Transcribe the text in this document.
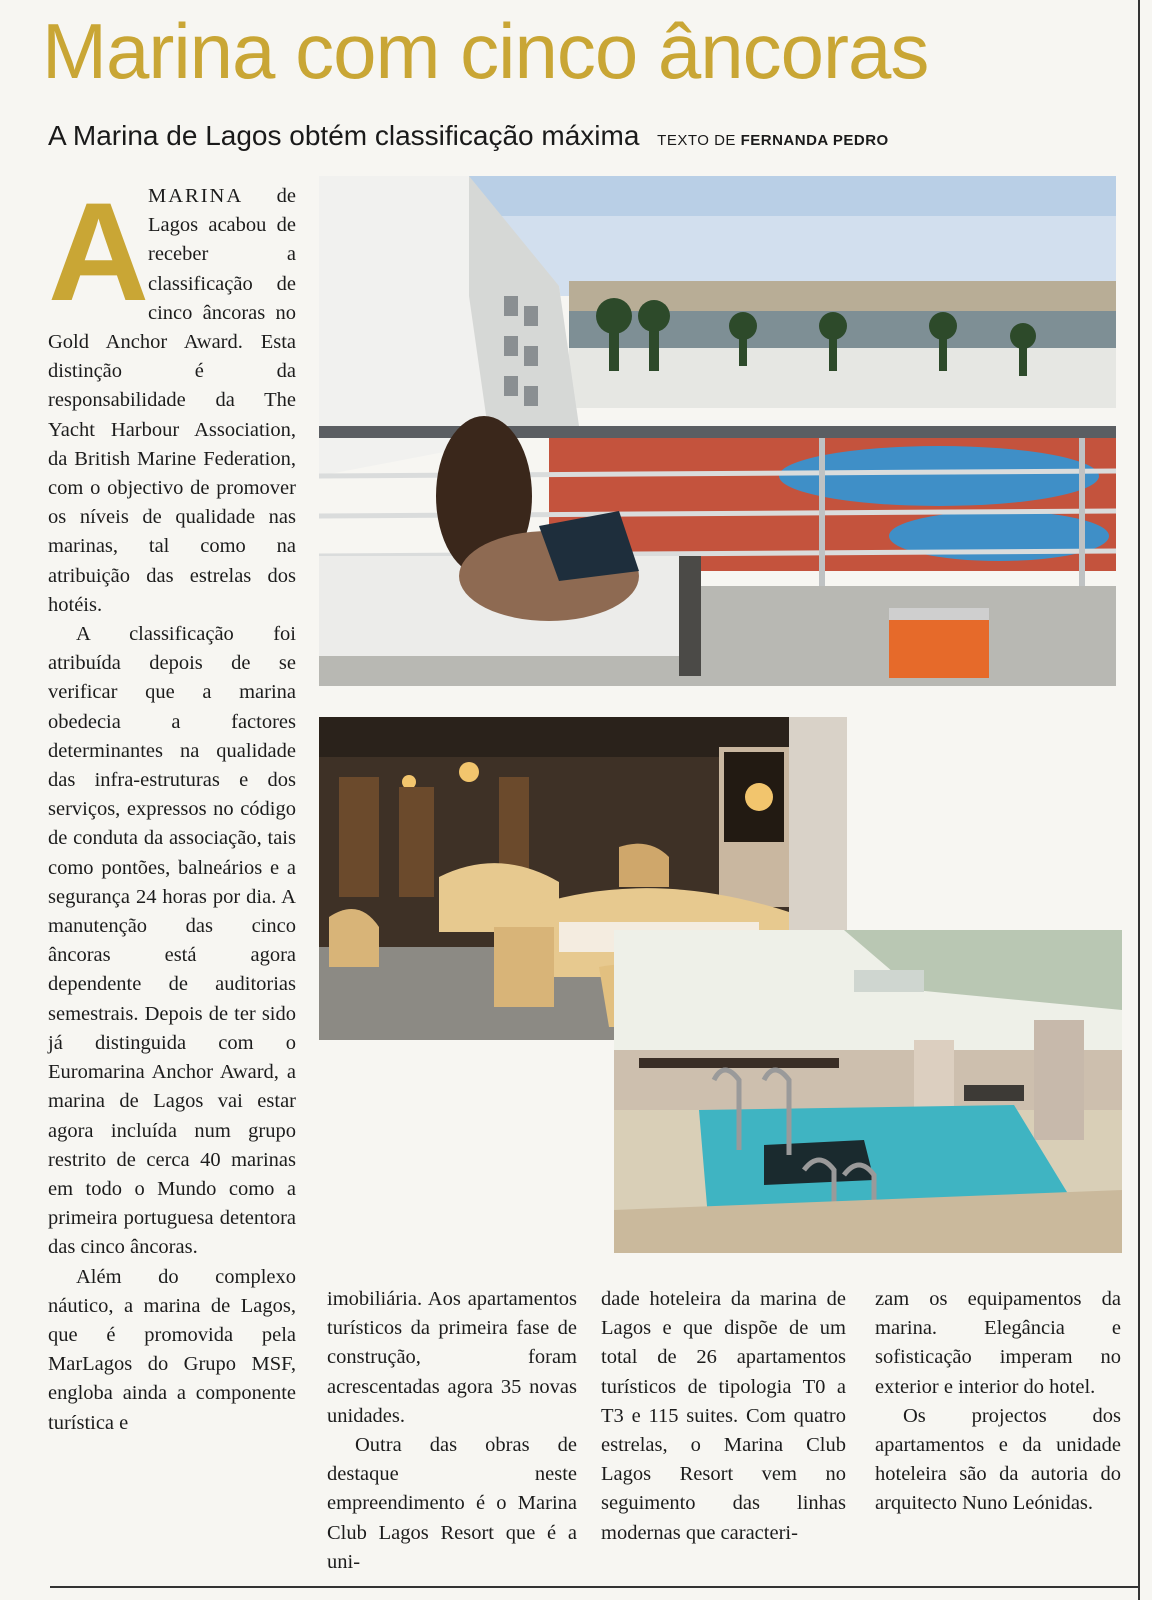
Marina com cinco âncoras
A Marina de Lagos obtém classificação máxima TEXTO DE FERNANDA PEDRO

A
MARINA de Lagos acabou de receber a classificação de cinco âncoras no Gold Anchor Award. Esta distinção é da responsabilidade da The Yacht Harbour Association, da British Marine Federation, com o objectivo de promover os níveis de qualidade nas marinas, tal como na atribuição das estrelas dos hotéis.

A classificação foi atribuída depois de se verificar que a marina obedecia a factores determinantes na qualidade das infra-estruturas e dos serviços, expressos no código de conduta da associação, tais como pontões, balneários e a segurança 24 horas por dia. A manutenção das cinco âncoras está agora dependente de auditorias semestrais. Depois de ter sido já distinguida com o Euromarina Anchor Award, a marina de Lagos vai estar agora incluída num grupo restrito de cerca 40 marinas em todo o Mundo como a primeira portuguesa detentora das cinco âncoras.

Além do complexo náutico, a marina de Lagos, que é promovida pela MarLagos do Grupo MSF, engloba ainda a componente turística e

imobiliária. Aos apartamentos turísticos da primeira fase de construção, foram acrescentadas agora 35 novas unidades.

Outra das obras de destaque neste empreendimento é o Marina Club Lagos Resort que é a uni-

dade hoteleira da marina de Lagos e que dispõe de um total de 26 apartamentos turísticos de tipologia T0 a T3 e 115 suites. Com quatro estrelas, o Marina Club Lagos Resort vem no seguimento das linhas modernas que caracteri-

zam os equipamentos da marina. Elegância e sofisticação imperam no exterior e interior do hotel.

Os projectos dos apartamentos e da unidade hoteleira são da autoria do arquitecto Nuno Leónidas.
